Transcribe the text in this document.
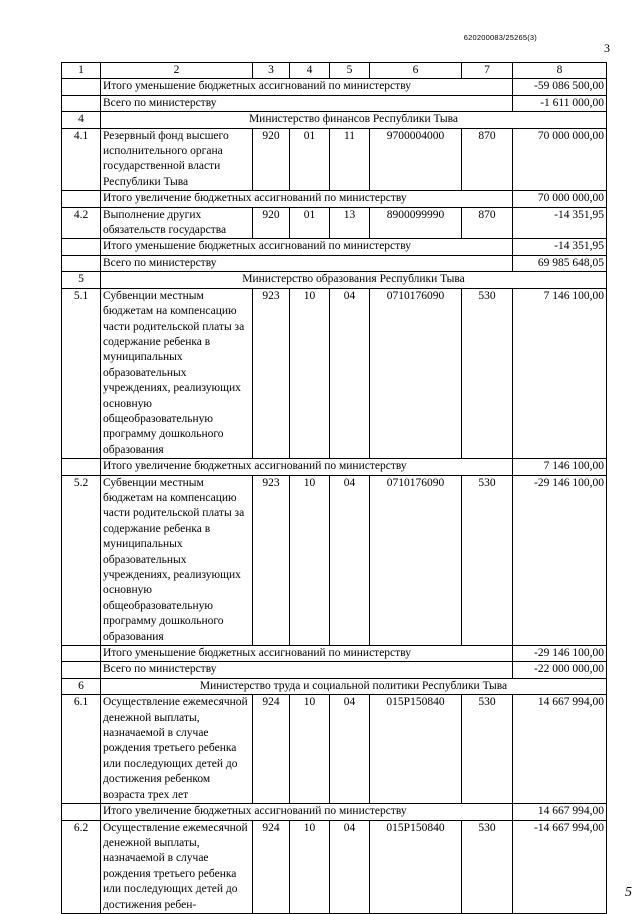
620200083/25265(3)
3
1	2	3	4	5	6	7	8
	Итого уменьшение бюджетных ассигнований по министерству						-59 086 500,00
	Всего по министерству						-1 611 000,00
4	Министерство финансов Республики Тыва						
4.1	Резервный фонд высшего исполнительного органа государственной власти Республики Тыва	920	01	11	9700004000	870	70 000 000,00
	Итого увеличение бюджетных ассигнований по министерству						70 000 000,00
4.2	Выполнение других обязательств государства	920	01	13	8900099990	870	-14 351,95
	Итого уменьшение бюджетных ассигнований по министерству						-14 351,95
	Всего по министерству						69 985 648,05
5	Министерство образования Республики Тыва						
5.1	Субвенции местным бюджетам на компенсацию части родительской платы за содержание ребенка в муниципальных образовательных учреждениях, реализующих основную общеобразовательную программу дошкольного образования	923	10	04	0710176090	530	7 146 100,00
	Итого увеличение бюджетных ассигнований по министерству						7 146 100,00
5.2	Субвенции местным бюджетам на компенсацию части родительской платы за содержание ребенка в муниципальных образовательных учреждениях, реализующих основную общеобразовательную программу дошкольного образования	923	10	04	0710176090	530	-29 146 100,00
	Итого уменьшение бюджетных ассигнований по министерству						-29 146 100,00
	Всего по министерству						-22 000 000,00
6	Министерство труда и социальной политики Республики Тыва						
6.1	Осуществление ежемесячной денежной выплаты, назначаемой в случае рождения третьего ребенка или последующих детей до достижения ребенком возраста трех лет	924	10	04	015P150840	530	14 667 994,00
	Итого увеличение бюджетных ассигнований по министерству						14 667 994,00
6.2	Осуществление ежемесячной денежной выплаты, назначаемой в случае рождения третьего ребенка или последующих детей до достижения ребен-	924	10	04	015P150840	530	-14 667 994,00
5
